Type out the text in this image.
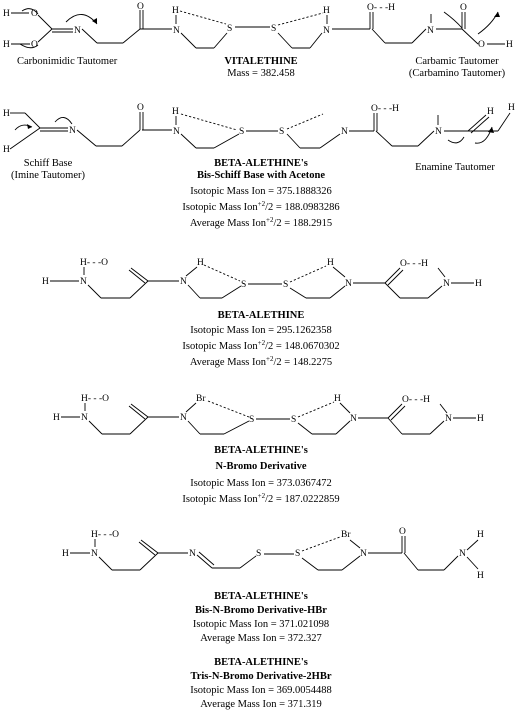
H O
H O
N
O
N
H
S	S
H
N
O- - -H
N
O
O H
Carbonimidic Tautomer	VITALETHINE
Mass = 382.458
Carbamic Tautomer
(Carbamino Tautomer)
H
H
N
O
N
H
S	S	N
O- - -H
N
H H
Schiff Base
(Imine Tautomer)
Enamine Tautomer
BETA-ALETHINE's
Bis-Schiff Base with Acetone
Isotopic Mass Ion = 375.1888326
Isotopic Mass Ion$^{+2}$/2 = 188.0983286
Average Mass Ion$^{+2}$/2 = 188.2915
H	N
H- - -O
N
H
S	S
H
N
O- - -H
N	H
BETA-ALETHINE
Isotopic Mass Ion = 295.1262358
Isotopic Mass Ion$^{+2}$/2 = 148.0670302
Average Mass Ion$^{+2}$/2 = 148.2275
H N
H- - -O
N
Br
S	S
H
N
O- - -H
N	H
BETA-ALETHINE's
N-Bromo Derivative
Isotopic Mass Ion = 373.0367472
Isotopic Mass Ion$^{+2}$/2 = 187.0222859
H N
H- - -O
N	S	S
Br
N
O
N
H
H
BETA-ALETHINE's
Bis-N-Bromo Derivative-HBr
Isotopic Mass Ion = 371.021098
Average Mass Ion = 372.327
BETA-ALETHINE's
Tris-N-Bromo Derivative-2HBr
Isotopic Mass Ion = 369.0054488
Average Mass Ion = 371.319
